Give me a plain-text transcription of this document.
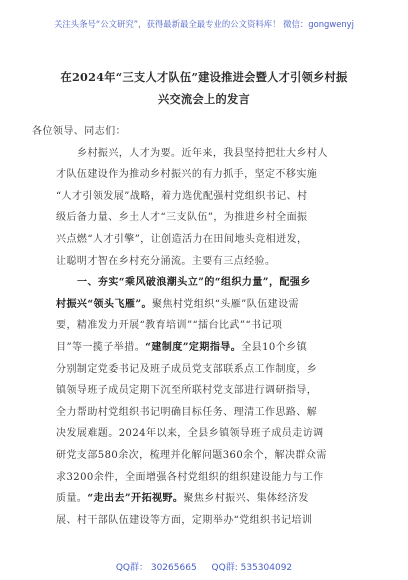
关注头条号“公文研究”，获得最新最全最专业的公文资料库！ 微信：gongwenyj
在2024年“三支人才队伍”建设推进会暨人才引领乡村振
兴交流会上的发言
各位领导、同志们：
乡村振兴，人才为要。近年来，我县坚持把壮大乡村人
才队伍建设作为推动乡村振兴的有力抓手，坚定不移实施
“人才引领发展”战略，着力选优配强村党组织书记、村
级后备力量、乡土人才“三支队伍”，为推进乡村全面振
兴点燃“人才引擎”，让创造活力在田间地头竞相迸发，
让聪明才智在乡村充分涌流。主要有三点经验。
一、夯实“乘风破浪潮头立”的“组织力量”，配强乡
村振兴“领头飞雁”。聚焦村党组织“头雁”队伍建设需
要，精准发力开展“教育培训”“擂台比武”“书记项
目”等一揽子举措。“建制度”定期指导。全县10个乡镇
分别制定党委书记及班子成员党支部联系点工作制度，乡
镇领导班子成员定期下沉至所联村党支部进行调研指导，
全力帮助村党组织书记明确目标任务、理清工作思路、解
决发展难题。2024年以来，全县乡镇领导班子成员走访调
研党支部580余次，梳理并化解问题360余个，解决群众需
求3200余件，全面增强各村党组织的组织建设能力与工作
质量。“走出去”开拓视野。聚焦乡村振兴、集体经济发
展、村干部队伍建设等方面，定期举办“党组织书记培训
QQ群： 30265665 QQ群: 535304092
